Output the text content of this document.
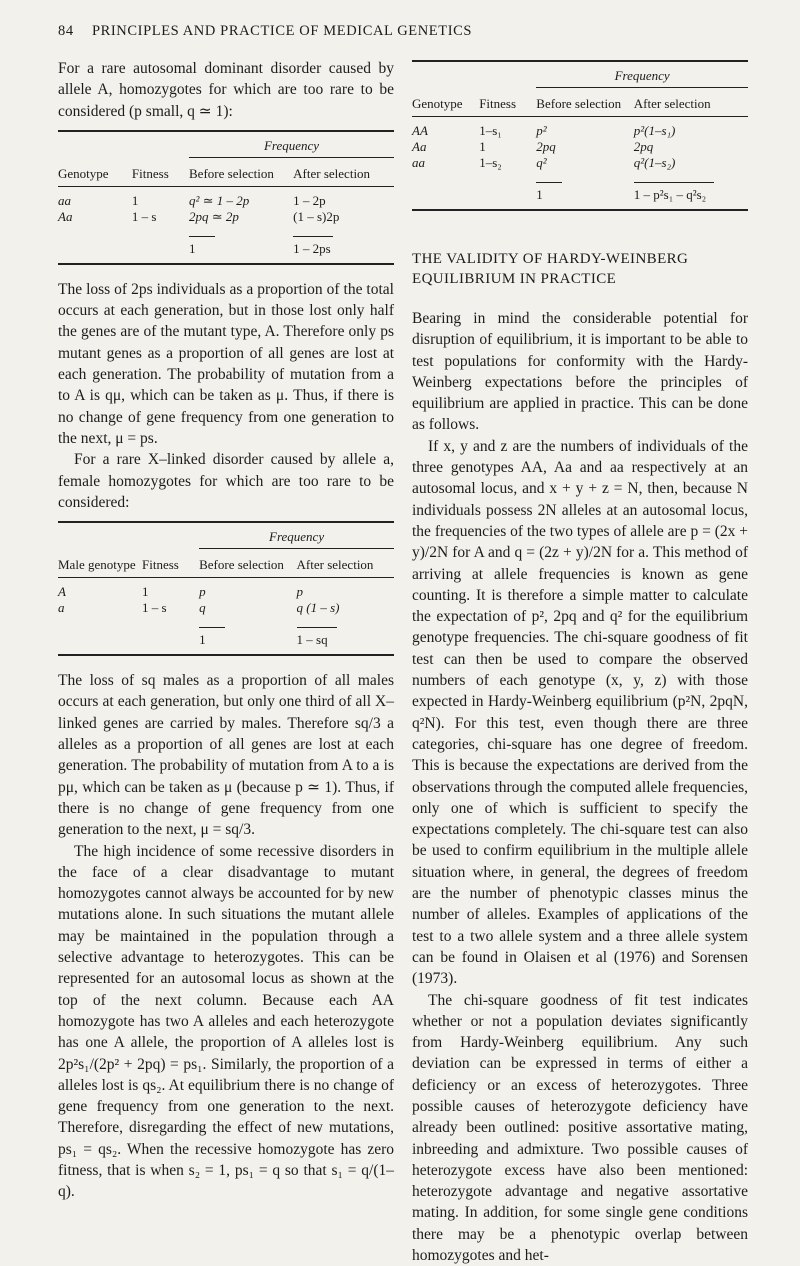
84 PRINCIPLES AND PRACTICE OF MEDICAL GENETICS

For a rare autosomal dominant disorder caused by allele A, homozygotes for which are too rare to be considered (p small, q ≃ 1):

		Frequency	

Genotype	Fitness	Before selection	After selection

aa	1	q² ≃ 1 – 2p	1 – 2p
Aa	1 – s	2pq ≃ 2p	(1 – s)2p

		1	1 – 2ps

The loss of 2ps individuals as a proportion of the total occurs at each generation, but in those lost only half the genes are of the mutant type, A. Therefore only ps mutant genes as a proportion of all genes are lost at each generation. The probability of mutation from a to A is qμ, which can be taken as μ. Thus, if there is no change of gene frequency from one generation to the next, μ = ps.

For a rare X–linked disorder caused by allele a, female homozygotes for which are too rare to be considered:

		Frequency	

Male genotype	Fitness	Before selection	After selection

A	1	p	p
a	1 – s	q	q (1 – s)

		1	1 – sq

The loss of sq males as a proportion of all males occurs at each generation, but only one third of all X–linked genes are carried by males. Therefore sq/3 a alleles as a proportion of all genes are lost at each generation. The probability of mutation from A to a is pμ, which can be taken as μ (because p ≃ 1). Thus, if there is no change of gene frequency from one generation to the next, μ = sq/3.

The high incidence of some recessive disorders in the face of a clear disadvantage to mutant homozygotes cannot always be accounted for by new mutations alone. In such situations the mutant allele may be maintained in the population through a selective advantage to heterozygotes. This can be represented for an autosomal locus as shown at the top of the next column. Because each AA homozygote has two A alleles and each heterozygote has one A allele, the proportion of A alleles lost is 2p²s₁/(2p² + 2pq) = ps₁. Similarly, the proportion of a alleles lost is qs₂. At equilibrium there is no change of gene frequency from one generation to the next. Therefore, disregarding the effect of new mutations, ps₁ = qs₂. When the recessive homozygote has zero fitness, that is when s₂ = 1, ps₁ = q so that s₁ = q/(1–q).

		Frequency	

Genotype	Fitness	Before selection	After selection

AA	1–s₁	p²	p²(1–s₁)
Aa	1	2pq	2pq
aa	1–s₂	q²	q²(1–s₂)

		1	1 – p²s₁ – q²s₂

THE VALIDITY OF HARDY-WEINBERG EQUILIBRIUM IN PRACTICE

Bearing in mind the considerable potential for disruption of equilibrium, it is important to be able to test populations for conformity with the Hardy-Weinberg expectations before the principles of equilibrium are applied in practice. This can be done as follows.

If x, y and z are the numbers of individuals of the three genotypes AA, Aa and aa respectively at an autosomal locus, and x + y + z = N, then, because N individuals possess 2N alleles at an autosomal locus, the frequencies of the two types of allele are p = (2x + y)/2N for A and q = (2z + y)/2N for a. This method of arriving at allele frequencies is known as gene counting. It is therefore a simple matter to calculate the expectation of p², 2pq and q² for the equilibrium genotype frequencies. The chi-square goodness of fit test can then be used to compare the observed numbers of each genotype (x, y, z) with those expected in Hardy-Weinberg equilibrium (p²N, 2pqN, q²N). For this test, even though there are three categories, chi-square has one degree of freedom. This is because the expectations are derived from the observations through the computed allele frequencies, only one of which is sufficient to specify the expectations completely. The chi-square test can also be used to confirm equilibrium in the multiple allele situation where, in general, the degrees of freedom are the number of phenotypic classes minus the number of alleles. Examples of applications of the test to a two allele system and a three allele system can be found in Olaisen et al (1976) and Sorensen (1973).

The chi-square goodness of fit test indicates whether or not a population deviates significantly from Hardy-Weinberg equilibrium. Any such deviation can be expressed in terms of either a deficiency or an excess of heterozygotes. Three possible causes of heterozygote deficiency have already been outlined: positive assortative mating, inbreeding and admixture. Two possible causes of heterozygote excess have also been mentioned: heterozygote advantage and negative assortative mating. In addition, for some single gene conditions there may be a phenotypic overlap between homozygotes and het-
